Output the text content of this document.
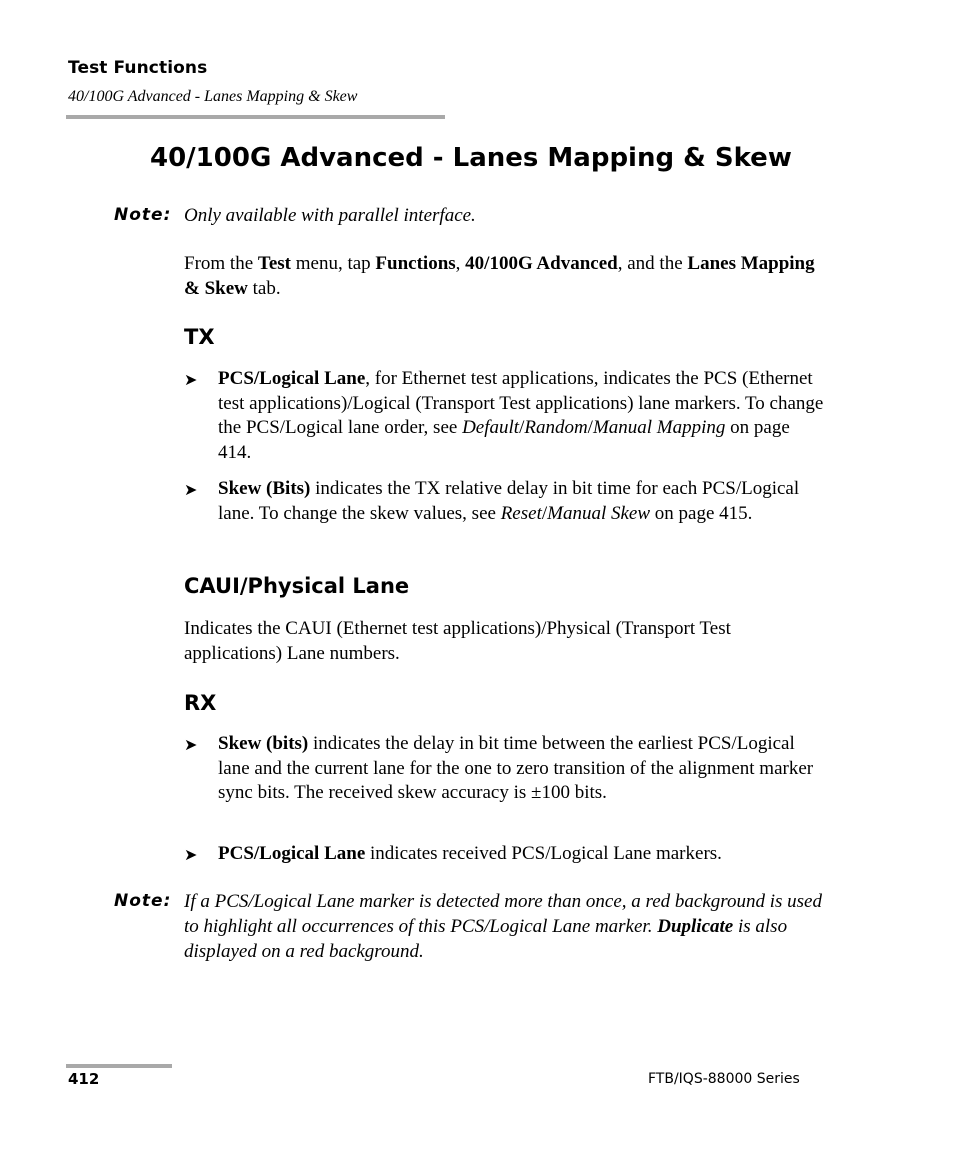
Test Functions
40/100G Advanced - Lanes Mapping & Skew
40/100G Advanced - Lanes Mapping & Skew
Note: Only available with parallel interface.
From the Test menu, tap Functions, 40/100G Advanced, and the Lanes Mapping & Skew tab.
TX
➤ PCS/Logical Lane, for Ethernet test applications, indicates the PCS (Ethernet test applications)/Logical (Transport Test applications) lane markers. To change the PCS/Logical lane order, see Default/Random/Manual Mapping on page 414.
➤ Skew (Bits) indicates the TX relative delay in bit time for each PCS/Logical lane. To change the skew values, see Reset/Manual Skew on page 415.
CAUI/Physical Lane
Indicates the CAUI (Ethernet test applications)/Physical (Transport Test applications) Lane numbers.
RX
➤ Skew (bits) indicates the delay in bit time between the earliest PCS/Logical lane and the current lane for the one to zero transition of the alignment marker sync bits. The received skew accuracy is ±100 bits.
➤ PCS/Logical Lane indicates received PCS/Logical Lane markers.
Note: If a PCS/Logical Lane marker is detected more than once, a red background is used to highlight all occurrences of this PCS/Logical Lane marker. Duplicate is also displayed on a red background.
412	FTB/IQS-88000 Series
